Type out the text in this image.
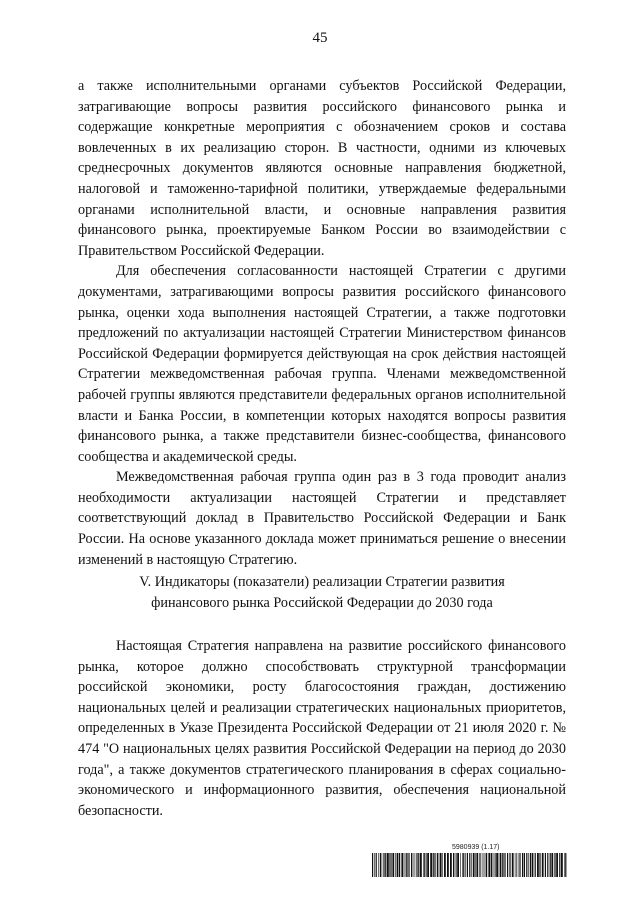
45

а также исполнительными органами субъектов Российской Федерации, затрагивающие вопросы развития российского финансового рынка и содержащие конкретные мероприятия с обозначением сроков и состава вовлеченных в их реализацию сторон. В частности, одними из ключевых среднесрочных документов являются основные направления бюджетной, налоговой и таможенно-тарифной политики, утверждаемые федеральными органами исполнительной власти, и основные направления развития финансового рынка, проектируемые Банком России во взаимодействии с Правительством Российской Федерации.

Для обеспечения согласованности настоящей Стратегии с другими документами, затрагивающими вопросы развития российского финансового рынка, оценки хода выполнения настоящей Стратегии, а также подготовки предложений по актуализации настоящей Стратегии Министерством финансов Российской Федерации формируется действующая на срок действия настоящей Стратегии межведомственная рабочая группа. Членами межведомственной рабочей группы являются представители федеральных органов исполнительной власти и Банка России, в компетенции которых находятся вопросы развития финансового рынка, а также представители бизнес-сообщества, финансового сообщества и академической среды.

Межведомственная рабочая группа один раз в 3 года проводит анализ необходимости актуализации настоящей Стратегии и представляет соответствующий доклад в Правительство Российской Федерации и Банк России. На основе указанного доклада может приниматься решение о внесении изменений в настоящую Стратегию.

V. Индикаторы (показатели) реализации Стратегии развития
финансового рынка Российской Федерации до 2030 года

Настоящая Стратегия направлена на развитие российского финансового рынка, которое должно способствовать структурной трансформации российской экономики, росту благосостояния граждан, достижению национальных целей и реализации стратегических национальных приоритетов, определенных в Указе Президента Российской Федерации от 21 июля 2020 г. № 474 "О национальных целях развития Российской Федерации на период до 2030 года", а также документов стратегического планирования в сферах социально-экономического и информационного развития, обеспечения национальной безопасности.

5980939 (1.17)
